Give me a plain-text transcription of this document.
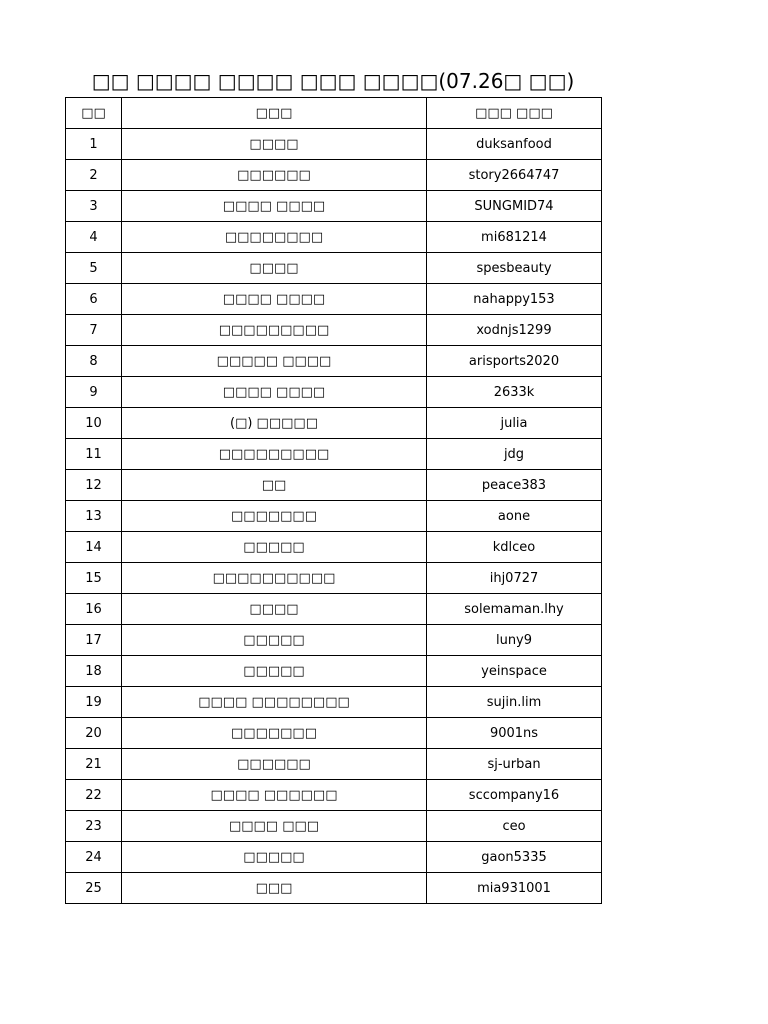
□□ □□□□ □□□□ □□□ □□□□(07.26□ □□)
□□	□□□	□□□ □□□
1	□□□□	duksanfood
2	□□□□□□	story2664747
3	□□□□ □□□□	SUNGMID74
4	□□□□□□□□	mi681214
5	□□□□	spesbeauty
6	□□□□ □□□□	nahappy153
7	□□□□□□□□□	xodnjs1299
8	□□□□□ □□□□	arisports2020
9	□□□□ □□□□	2633k
10	(□) □□□□□	julia
11	□□□□□□□□□	jdg
12	□□	peace383
13	□□□□□□□	aone
14	□□□□□	kdlceo
15	□□□□□□□□□□	ihj0727
16	□□□□	solemaman.lhy
17	□□□□□	luny9
18	□□□□□	yeinspace
19	□□□□ □□□□□□□□	sujin.lim
20	□□□□□□□	9001ns
21	□□□□□□	sj-urban
22	□□□□ □□□□□□	sccompany16
23	□□□□ □□□	ceo
24	□□□□□	gaon5335
25	□□□	mia931001
